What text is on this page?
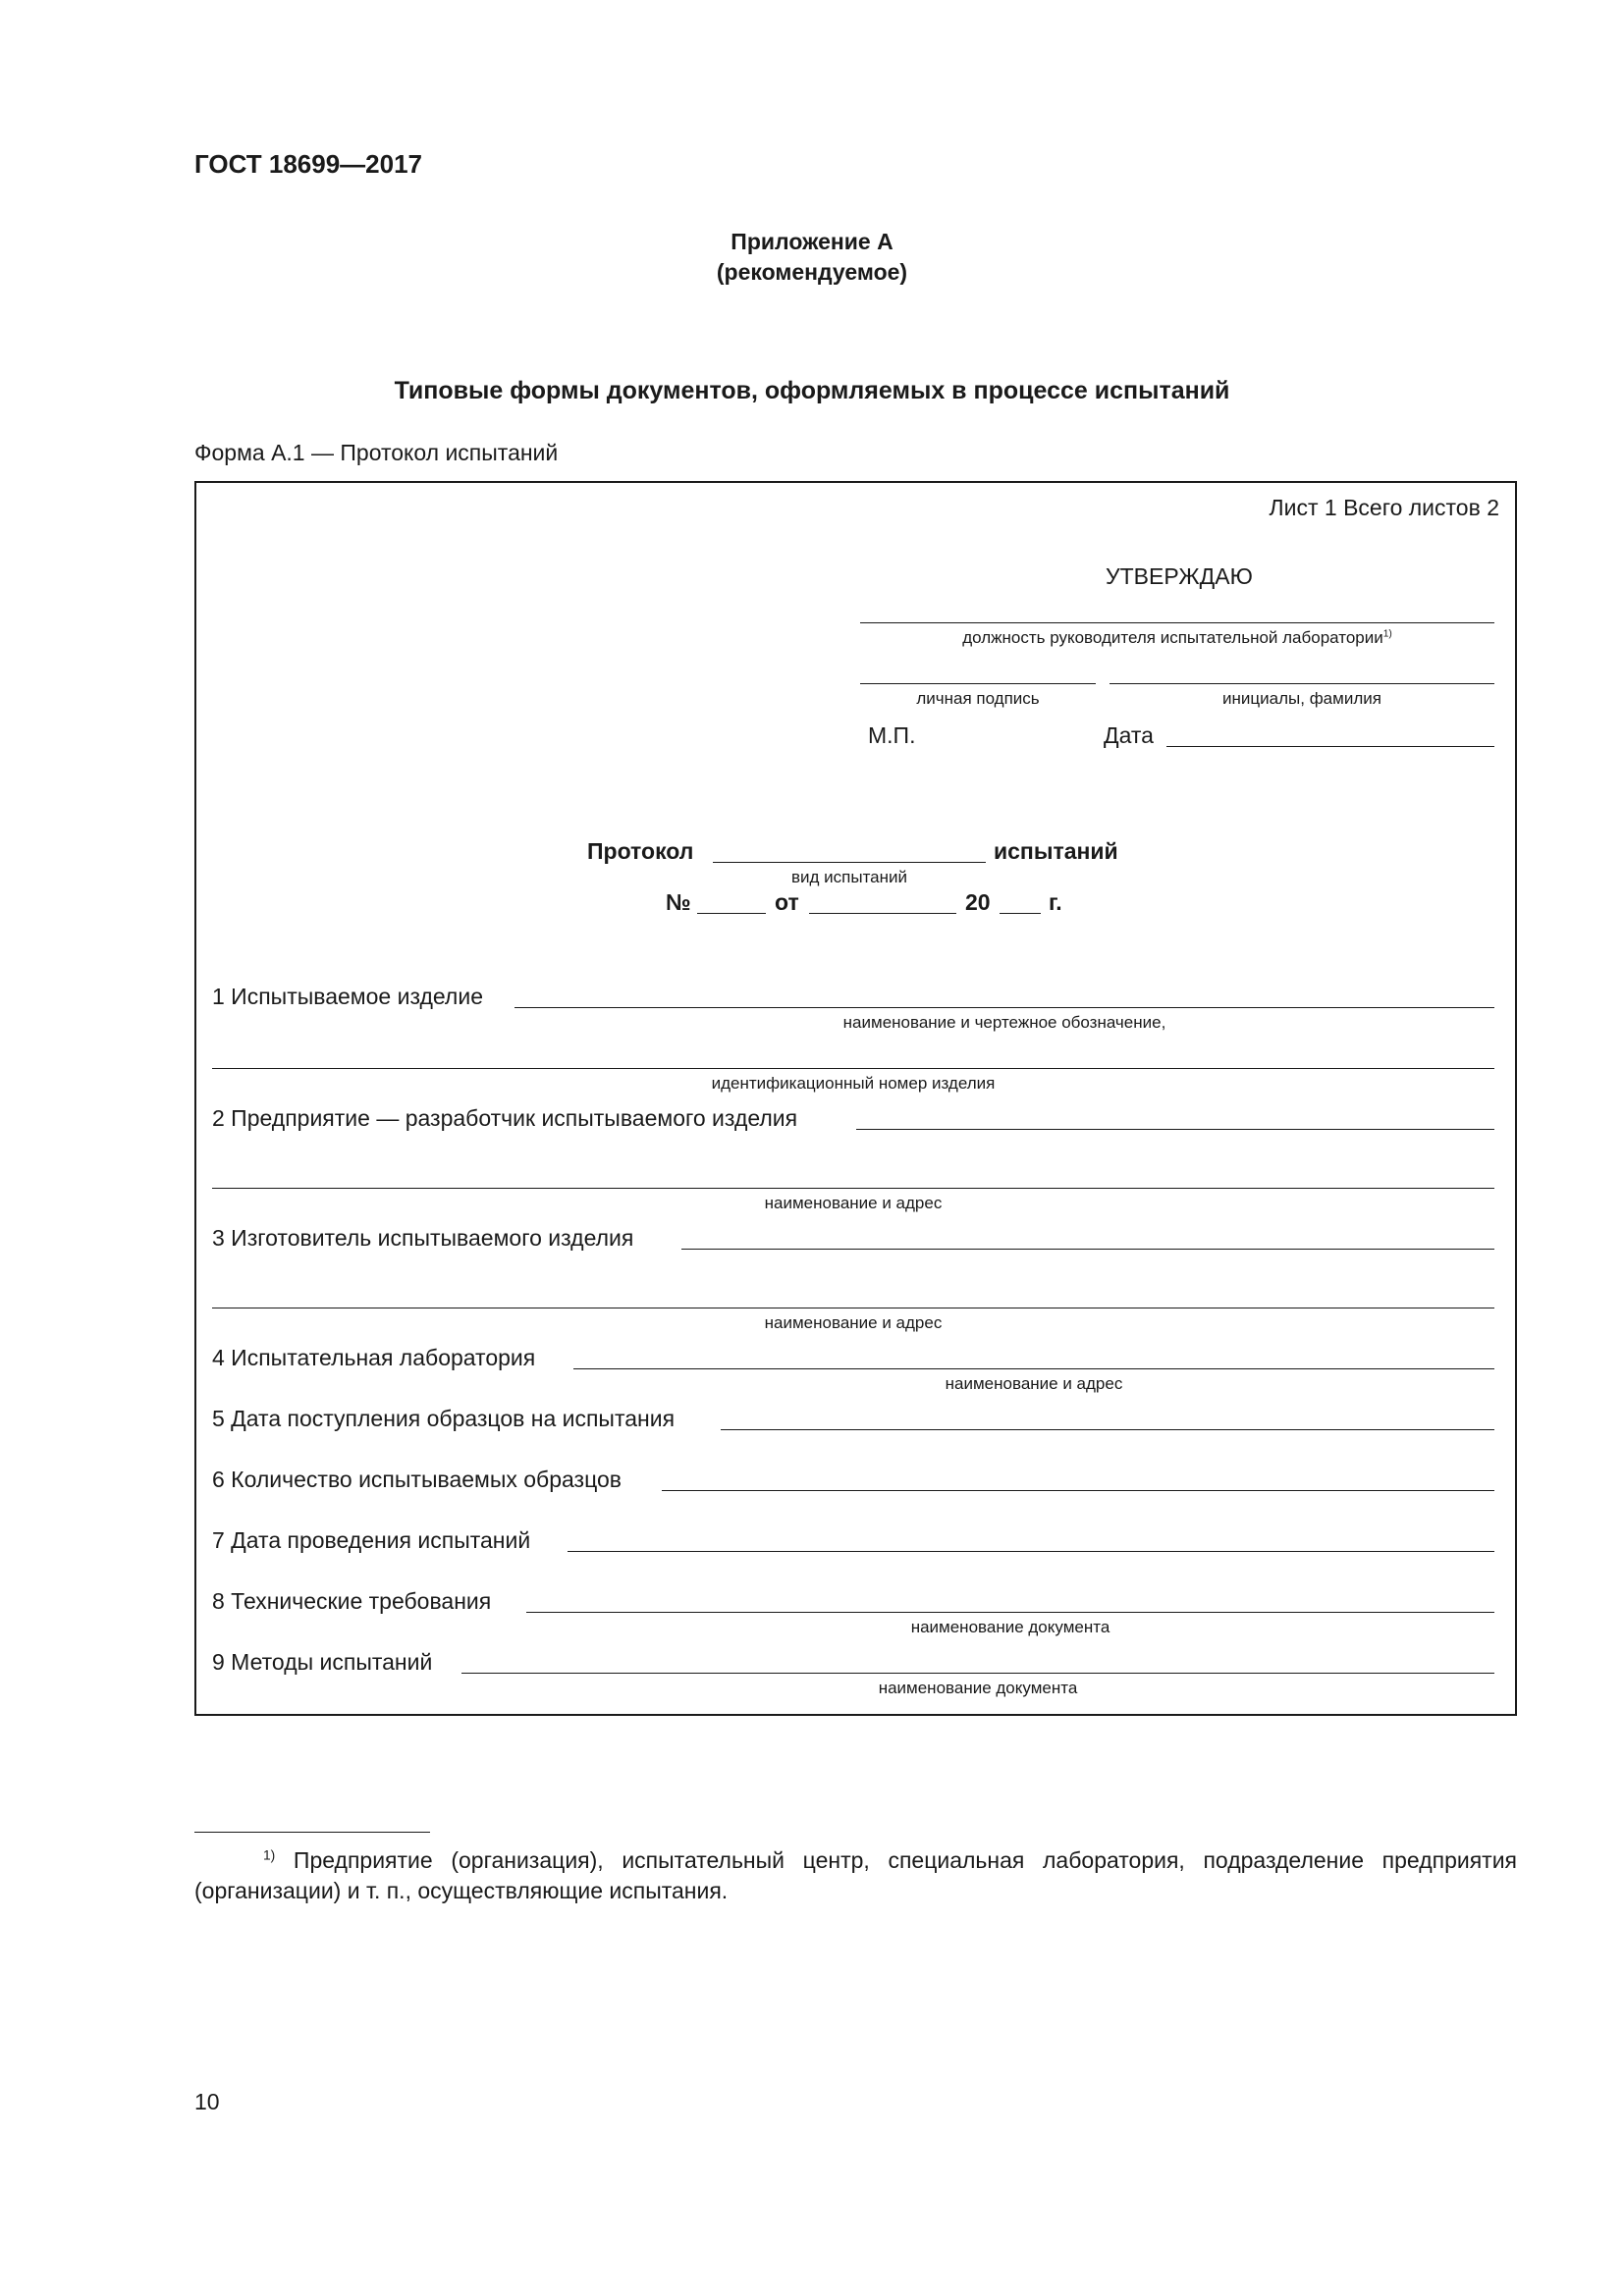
ГОСТ 18699—2017
Приложение А
(рекомендуемое)
Типовые формы документов, оформляемых в процессе испытаний
Форма А.1 — Протокол испытаний
Лист 1 Всего листов 2
УТВЕРЖДАЮ
должность руководителя испытательной лаборатории$^{1)}$
личная подпись	инициалы, фамилия
М.П.	Дата
Протокол	испытаний
вид испытаний
№	от	20	г.
1 Испытываемое изделие
наименование и чертежное обозначение,
идентификационный номер изделия
2 Предприятие — разработчик испытываемого изделия
наименование и адрес
3 Изготовитель испытываемого изделия
наименование и адрес
4 Испытательная лаборатория
наименование и адрес
5 Дата поступления образцов на испытания
6 Количество испытываемых образцов
7 Дата проведения испытаний
8 Технические требования
наименование документа
9 Методы испытаний
наименование документа
$^{1)}$ Предприятие (организация), испытательный центр, специальная лаборатория, подразделение предприятия (организации) и т. п., осуществляющие испытания.
10
